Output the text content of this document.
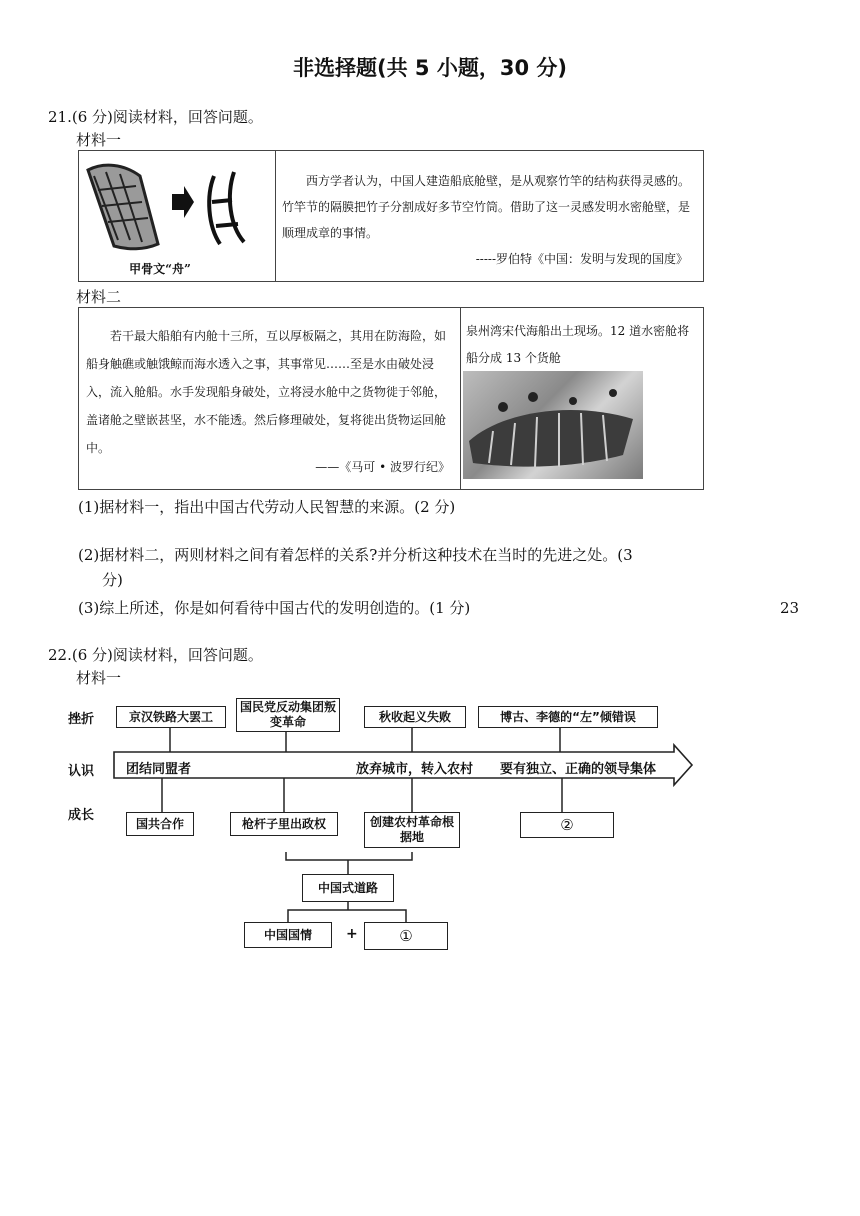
非选择题(共 5 小题，30 分)
21.(6 分)阅读材料，回答问题。
材料一
甲骨文“舟”
西方学者认为，中国人建造船底舱壁，是从观察竹竿的结构获得灵感的。竹竿节的隔膜把竹子分割成好多节空竹筒。借助了这一灵感发明水密舱壁，是顺理成章的事情。
-----罗伯特《中国：发明与发现的国度》
材料二
若干最大船舶有内舱十三所，互以厚板隔之，其用在防海险，如船身触礁或触饿鲸而海水透入之事，其事常见……至是水由破处浸入，流入舱船。水手发现船身破处，立将浸水舱中之货物徙于邻舱，盖诸舱之壁嵌甚坚，水不能透。然后修理破处，复将徙出货物运回舱中。
——《马可 • 波罗行纪》
泉州湾宋代海船出土现场。12 道水密舱将船分成 13 个货舱
(1)据材料一，指出中国古代劳动人民智慧的来源。(2 分)
(2)据材料二，两则材料之间有着怎样的关系?并分析这种技术在当时的先进之处。(3
分)
(3)综上所述，你是如何看待中国古代的发明创造的。(1 分)	23
22.(6 分)阅读材料，回答问题。
材料一
挫折
认识
成长
京汉铁路大罢工
国民党反动集团叛变革命	秋收起义失败	博古、李德的“左”倾错误
团结同盟者	放弃城市，转入农村 要有独立、正确的领导集体
国共合作	枪杆子里出政权	创建农村革命根据地
②
中国式道路
中国国情	+	①
